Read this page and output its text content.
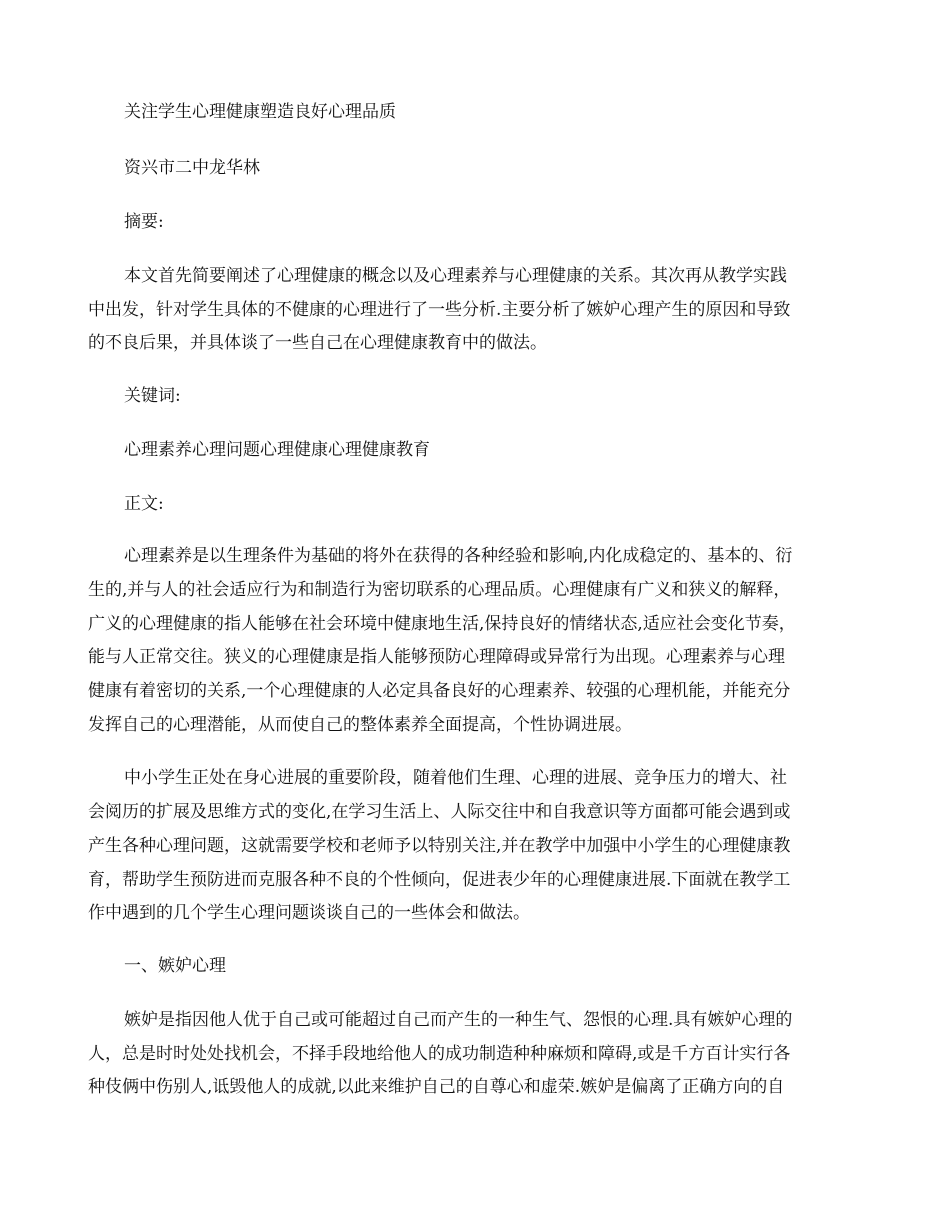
关注学生心理健康塑造良好心理品质
资兴市二中龙华林
摘要:
本文首先简要阐述了心理健康的概念以及心理素养与心理健康的关系。其次再从教学实践
中出发，针对学生具体的不健康的心理进行了一些分析.主要分析了嫉妒心理产生的原因和导致
的不良后果，并具体谈了一些自己在心理健康教育中的做法。
关键词:
心理素养心理问题心理健康心理健康教育
正文:
心理素养是以生理条件为基础的将外在获得的各种经验和影响,内化成稳定的、基本的、衍
生的,并与人的社会适应行为和制造行为密切联系的心理品质。心理健康有广义和狭义的解释，
广义的心理健康的指人能够在社会环境中健康地生活,保持良好的情绪状态,适应社会变化节奏，
能与人正常交往。狭义的心理健康是指人能够预防心理障碍或异常行为出现。心理素养与心理
健康有着密切的关系,一个心理健康的人必定具备良好的心理素养、较强的心理机能，并能充分
发挥自己的心理潜能，从而使自己的整体素养全面提高，个性协调进展。
中小学生正处在身心进展的重要阶段，随着他们生理、心理的进展、竞争压力的增大、社
会阅历的扩展及思维方式的变化,在学习生活上、人际交往中和自我意识等方面都可能会遇到或
产生各种心理问题，这就需要学校和老师予以特别关注,并在教学中加强中小学生的心理健康教
育，帮助学生预防进而克服各种不良的个性倾向，促进表少年的心理健康进展.下面就在教学工
作中遇到的几个学生心理问题谈谈自己的一些体会和做法。
一、嫉妒心理
嫉妒是指因他人优于自己或可能超过自己而产生的一种生气、怨恨的心理.具有嫉妒心理的
人，总是时时处处找机会，不择手段地给他人的成功制造种种麻烦和障碍,或是千方百计实行各
种伎俩中伤别人,诋毁他人的成就,以此来维护自己的自尊心和虚荣.嫉妒是偏离了正确方向的自
